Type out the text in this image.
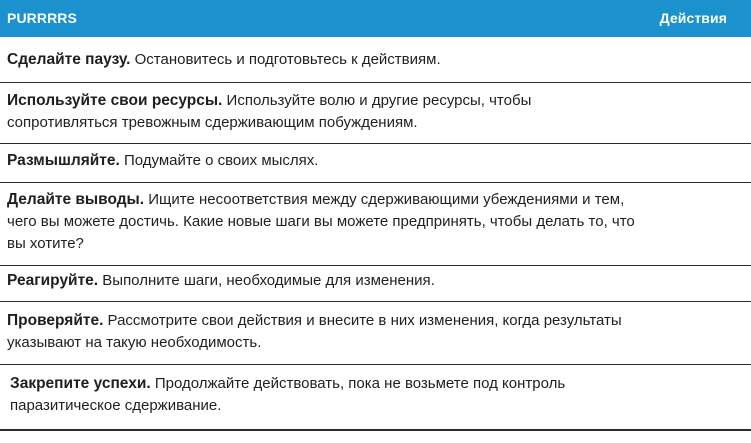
PURRRRS	Действия
Сделайте паузу. Остановитесь и подготовьтесь к действиям.
Используйте свои ресурсы. Используйте волю и другие ресурсы, чтобы сопротивляться тревожным сдерживающим побуждениям.
Размышляйте. Подумайте о своих мыслях.
Делайте выводы. Ищите несоответствия между сдерживающими убеждениями и тем, чего вы можете достичь. Какие новые шаги вы можете предпринять, чтобы делать то, что вы хотите?
Реагируйте. Выполните шаги, необходимые для изменения.
Проверяйте. Рассмотрите свои действия и внесите в них изменения, когда результаты указывают на такую необходимость.
Закрепите успехи. Продолжайте действовать, пока не возьмете под контроль паразитическое сдерживание.
